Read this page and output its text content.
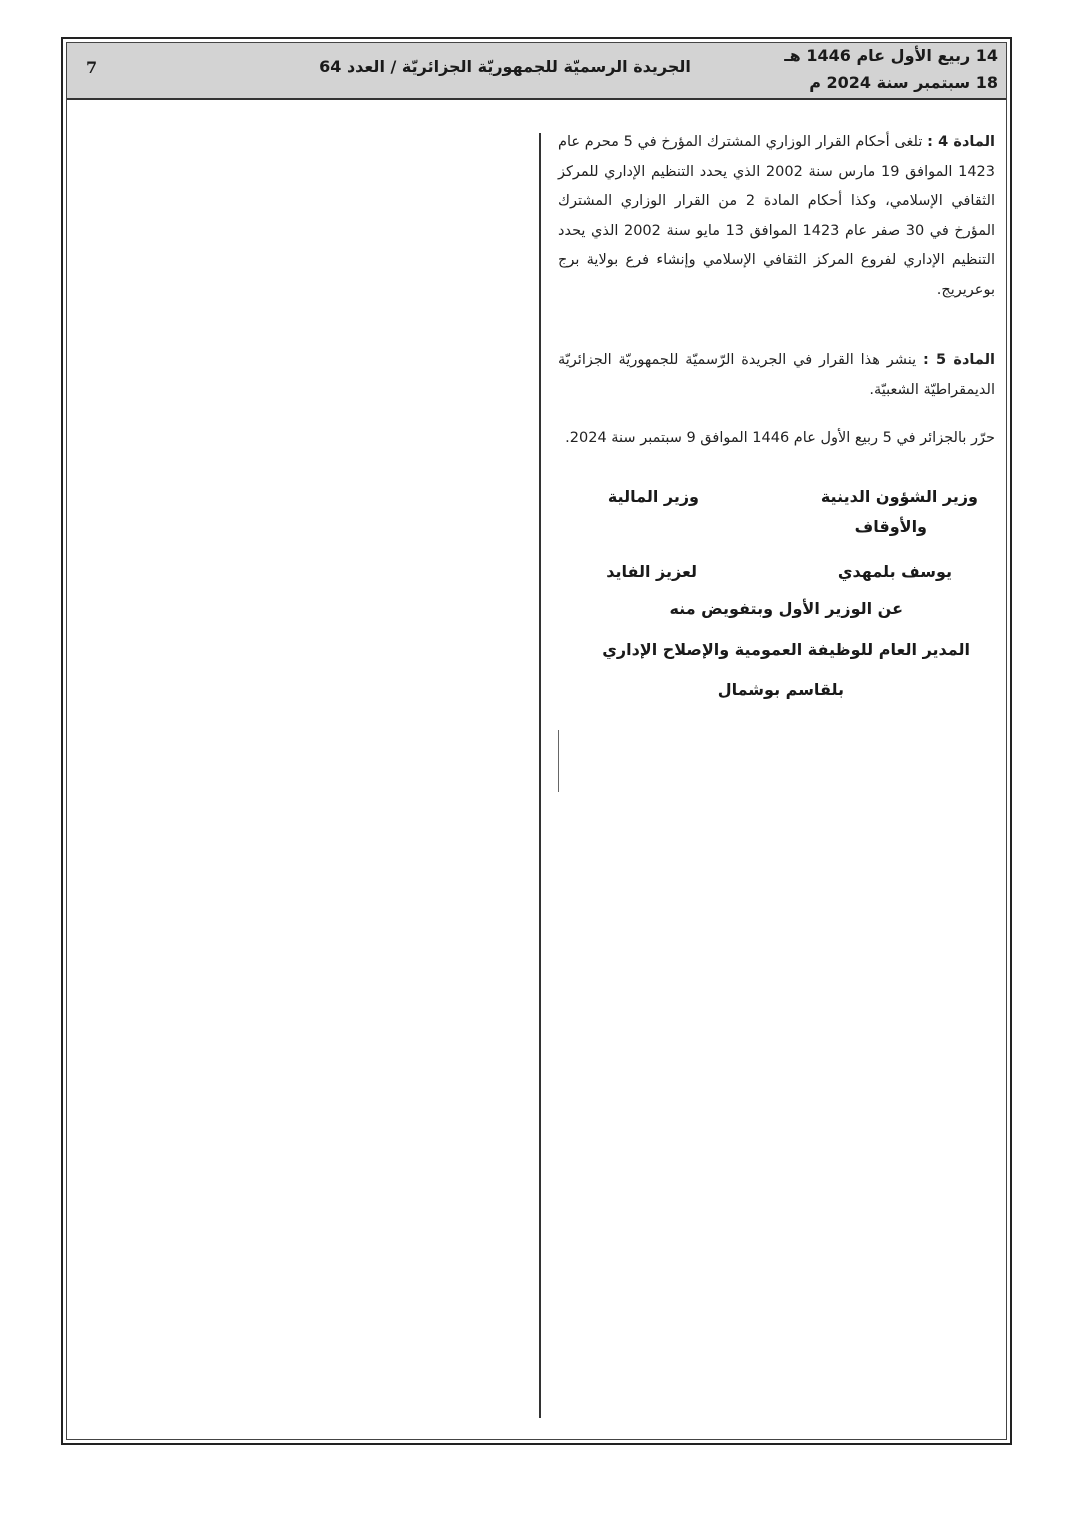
7	الجريدة الرسميّة للجمهوريّة الجزائريّة / العدد 64
14 ربيع الأول عام 1446 هـ
18 سبتمبر سنة 2024 م
المادة 4 : تلغى أحكام القرار الوزاري المشترك المؤرخ في 5 محرم عام 1423 الموافق 19 مارس سنة 2002 الذي يحدد التنظيم الإداري للمركز الثقافي الإسلامي، وكذا أحكام المادة 2 من القرار الوزاري المشترك المؤرخ في 30 صفر عام 1423 الموافق 13 مايو سنة 2002 الذي يحدد التنظيم الإداري لفروع المركز الثقافي الإسلامي وإنشاء فرع بولاية برج بوعريريج.
المادة 5 : ينشر هذا القرار في الجريدة الرّسميّة للجمهوريّة الجزائريّة الديمقراطيّة الشعبيّة.
حرّر بالجزائر في 5 ربيع الأول عام 1446 الموافق 9 سبتمبر سنة 2024.
وزير الشؤون الدينية
والأوقاف
وزير المالية
يوسف بلمهدي
لعزيز الفايد
عن الوزير الأول وبتفويض منه
المدير العام للوظيفة العمومية والإصلاح الإداري
بلقاسم بوشمال
